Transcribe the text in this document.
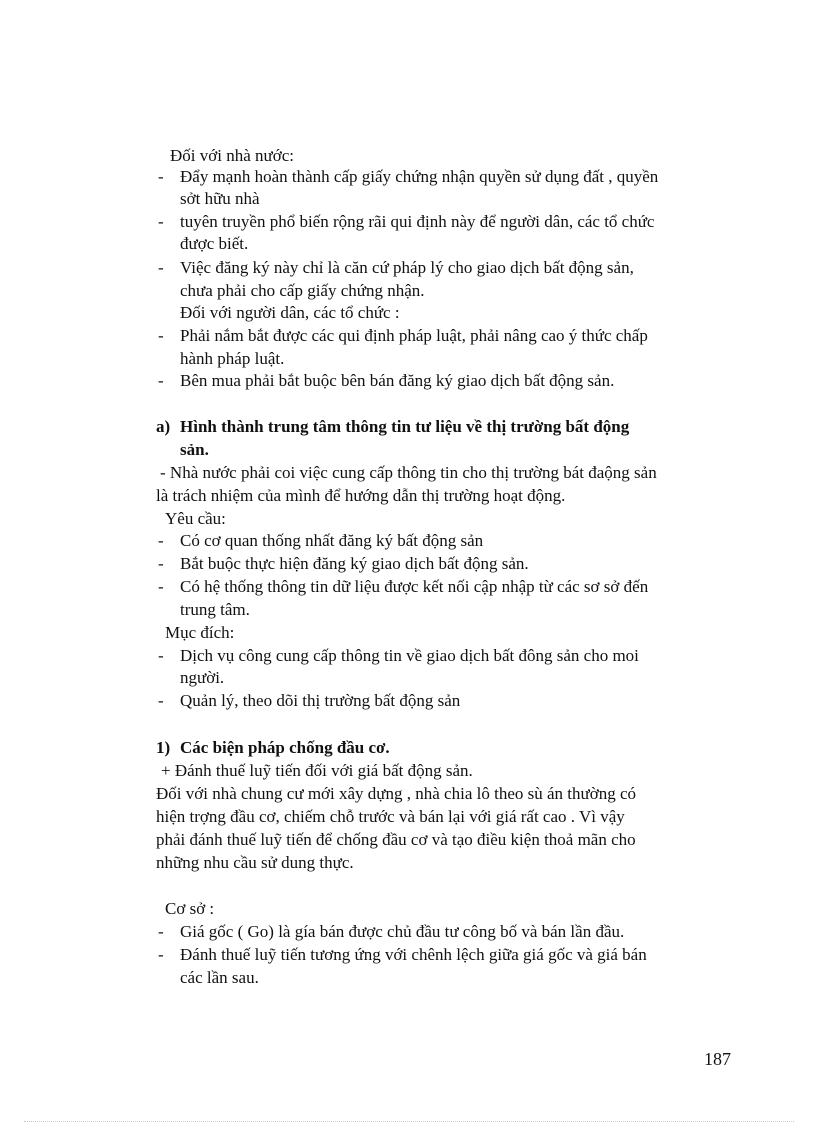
Đối với nhà nước:
- Đẩy mạnh hoàn thành cấp giấy chứng nhận quyền sử dụng đất , quyền
sởt hữu nhà
- tuyên truyền phổ biến rộng rãi qui định này để người dân, các tổ chức
được biết.
- Việc đăng ký này chỉ là căn cứ pháp lý cho giao dịch bất động sản,
chưa phải cho cấp giấy chứng nhận.
Đối với người dân, các tổ chức :
- Phải nắm bắt được các qui định pháp luật, phải nâng cao ý thức chấp
hành pháp luật.
- Bên mua phải bắt buộc bên bán đăng ký giao dịch bất động sản.
a) Hình thành trung tâm thông tin tư liệu về thị trường bất động
sản.
- Nhà nước phải coi việc cung cấp thông tin cho thị trường bát đaộng sản
là trách nhiệm của mình để hướng dẫn thị trường hoạt động.
Yêu cầu:
- Có cơ quan thống nhất đăng ký bất động sản
- Bắt buộc thực hiện đăng ký giao dịch bất động sản.
- Có hệ thống thông tin dữ liệu được kết nối cập nhập từ các sơ sở đến
trung tâm.
Mục đích:
- Dịch vụ công cung cấp thông tin về giao dịch bất đông sản cho moi
người.
- Quản lý, theo dõi thị trường bất động sản
1) Các biện pháp chống đầu cơ.
+ Đánh thuế luỹ tiến đối với giá bất động sản.
Đối với nhà chung cư mới xây dựng , nhà chia lô theo sù án thường có
hiện trợng đầu cơ, chiếm chỗ trước và bán lại với giá rất cao . Vì vậy
phải đánh thuế luỹ tiến để chống đầu cơ và tạo điều kiện thoả mãn cho
những nhu cầu sử dung thực.
Cơ sở :
- Giá gốc ( Go) là gía bán được chủ đầu tư công bố và bán lần đầu.
- Đánh thuế luỹ tiến tương ứng với chênh lệch giữa giá gốc và giá bán
các lần sau.
187
